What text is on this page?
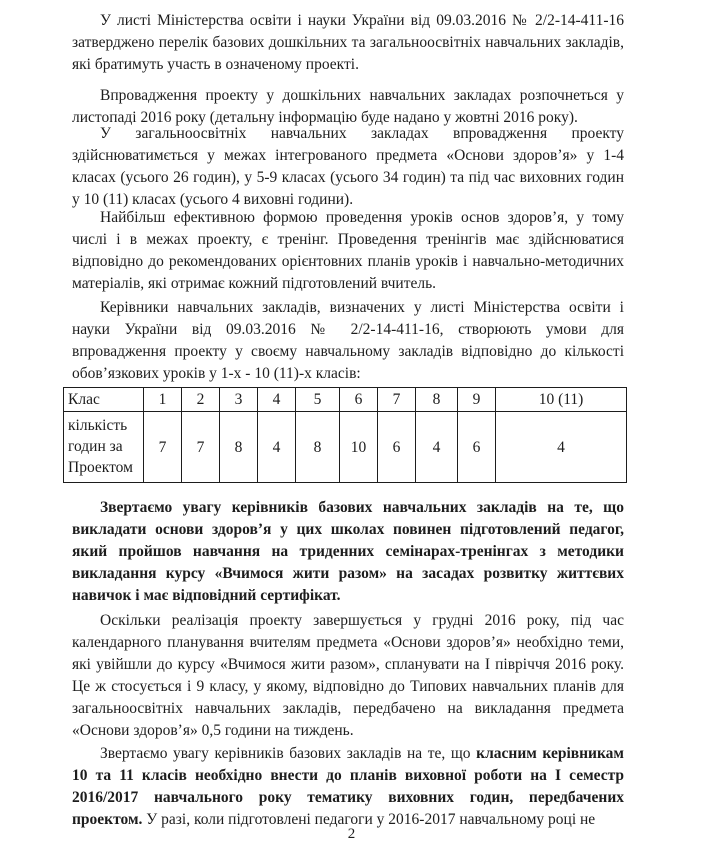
У листі Міністерства освіти і науки України від 09.03.2016 № 2/2-14-411-16 затверджено перелік базових дошкільних та загальноосвітніх навчальних закладів, які братимуть участь в означеному проекті.

Впровадження проекту у дошкільних навчальних закладах розпочнеться у листопаді 2016 року (детальну інформацію буде надано у жовтні 2016 року).

У загальноосвітніх навчальних закладах впровадження проекту здійснюватимється у межах інтегрованого предмета «Основи здоров’я» у 1-4 класах (усього 26 годин), у 5-9 класах (усього 34 годин) та під час виховних годин у 10 (11) класах (усього 4 виховні години).

Найбільш ефективною формою проведення уроків основ здоров’я, у тому числі і в межах проекту, є тренінг. Проведення тренінгів має здійснюватися відповідно до рекомендованих орієнтовних планів уроків і навчально-методичних матеріалів, які отримає кожний підготовлений вчитель.

Керівники навчальних закладів, визначених у листі Міністерства освіти і науки України від 09.03.2016 № 2/2-14-411-16, створюють умови для впровадження проекту у своєму навчальному закладів відповідно до кількості обов’язкових уроків у 1-х - 10 (11)-х класів:

Клас	1	2	3	4	5	6	7	8	9	10 (11)
кількість годин за Проектом	7	7	8	4	8	10	6	4	6	4

Звертаємо увагу керівників базових навчальних закладів на те, що викладати основи здоров’я у цих школах повинен підготовлений педагог, який пройшов навчання на триденних семінарах-тренінгах з методики викладання курсу «Вчимося жити разом» на засадах розвитку життєвих навичок і має відповідний сертифікат.

Оскільки реалізація проекту завершується у грудні 2016 року, під час календарного планування вчителям предмета «Основи здоров’я» необхідно теми, які увійшли до курсу «Вчимося жити разом», спланувати на І півріччя 2016 року. Це ж стосується і 9 класу, у якому, відповідно до Типових навчальних планів для загальноосвітніх навчальних закладів, передбачено на викладання предмета «Основи здоров’я» 0,5 години на тиждень.

Звертаємо увагу керівників базових закладів на те, що класним керівникам 10 та 11 класів необхідно внести до планів виховної роботи на І семестр 2016/2017 навчального року тематику виховних годин, передбачених проектом. У разі, коли підготовлені педагоги у 2016-2017 навчальному році не

2
